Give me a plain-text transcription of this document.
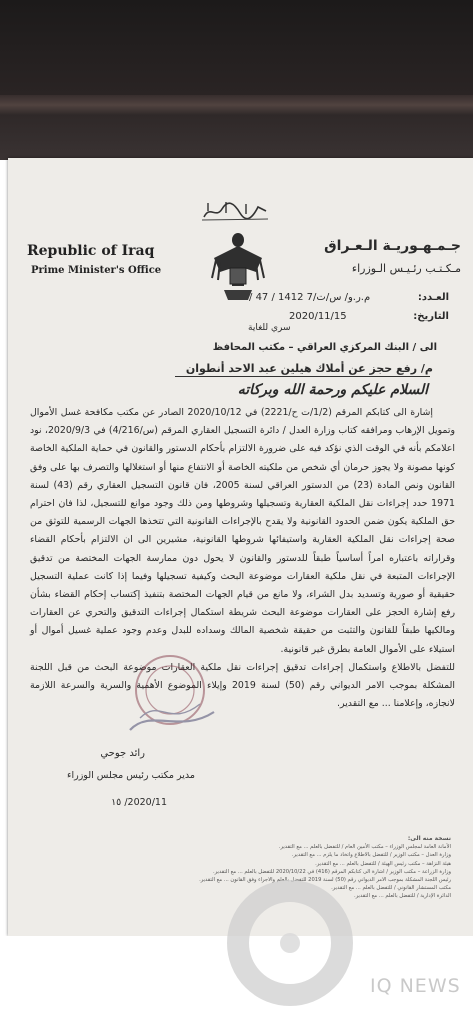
Republic of Iraq
Prime Minister's Office
جـمـهـوريـة الـعـراق
مـكـتـب رئـيـس الـوزراء
العـدد:
م.ر.و/ س/ت/7 1412 / 47 /
التاريخ:
2020/11/15
سري للغاية
الى / البنك المركزي العراقي – مكتب المحافظ
م/ رفع حجز عن أملاك هيلين عبد الاحد أنطوان
السلام عليكم ورحمة الله وبركاته

إشارة الى كتابكم المرقم (1/2/ت ح/2221) في 2020/10/12 الصادر عن مكتب مكافحة غسل الأموال وتمويل الإرهاب ومرافقه كتاب وزارة العدل / دائرة التسجيل العقاري المرقم (س/4/216) في 2020/9/3، نود اعلامكم بأنه في الوقت الذي نؤكد فيه على ضرورة الالتزام بأحكام الدستور والقانون في حماية الملكية الخاصة كونها مصونة ولا يجوز حرمان أي شخص من ملكيته الخاصة أو الانتفاع منها أو استغلالها والتصرف بها على وفق القانون ونص المادة (23) من الدستور العراقي لسنة 2005، فان قانون التسجيل العقاري رقم (43) لسنة 1971 حدد إجراءات نقل الملكية العقارية وتسجيلها وشروطها ومن ذلك وجود موانع للتسجيل، لذا فان احترام حق الملكية يكون ضمن الحدود القانونية ولا يقدح بالإجراءات القانونية التي تتخذها الجهات الرسمية للتوثق من صحة إجراءات نقل الملكية العقارية واستيفائها شروطها القانونية، مشيرين الى ان الالتزام بأحكام القضاء وقراراته باعتباره امراً أساسياً طبقاً للدستور والقانون لا يحول دون ممارسة الجهات المختصة من تدقيق الإجراءات المتبعة في نقل ملكية العقارات موضوعة البحث وكيفية تسجيلها وفيما إذا كانت عملية التسجيل حقيقية أو صورية وتسديد بدل الشراء، ولا مانع من قيام الجهات المختصة بتنفيذ إكتساب إحكام القضاء بشأن رفع إشارة الحجز على العقارات موضوعة البحث شريطة استكمال إجراءات التدقيق والتحري عن العقارات ومالكيها طبقاً للقانون والتثبت من حقيقة شخصية المالك وسداده للبدل وعدم وجود عملية غسيل أموال أو استيلاء على الأموال العامة بطرق غير قانونية.

للتفضل بالاطلاع واستكمال إجراءات تدقيق إجراءات نقل ملكية العقارات موضوعة البحث من قبل اللجنة المشكلة بموجب الامر الديواني رقم (50) لسنة 2019 وإيلاء الموضوع الأهمية والسرية والسرعة اللازمة لانجازه، وإعلامنا ... مع التقدير.

رائد جوحي
مدير مكتب رئيس مجلس الوزراء
2020/11/ ١٥
نسخة منه الى:
الأمانة العامة لمجلس الوزراء – مكتب الأمين العام / للتفضل بالعلم ... مع التقدير.
وزارة العدل – مكتب الوزير / للتفضل بالاطلاع واتخاذ ما يلزم ... مع التقدير.
هيئة النزاهة – مكتب رئيس الهيئة / للتفضل بالعلم ... مع التقدير.
وزارة الزراعة – مكتب الوزير / اشارة الى كتابكم المرقم (416) في 2020/10/22 للتفضل بالعلم ... مع التقدير.
رئيس اللجنة المشكلة بموجب الامر الديواني رقم (50) لسنة 2019 للتفضل بالعلم والاجراء وفق القانون ... مع التقدير.
مكتب المستشار القانوني / للتفضل بالعلم ... مع التقدير.
الدائرة الإدارية / للتفضل بالعلم ... مع التقدير.
IQ NEWS
